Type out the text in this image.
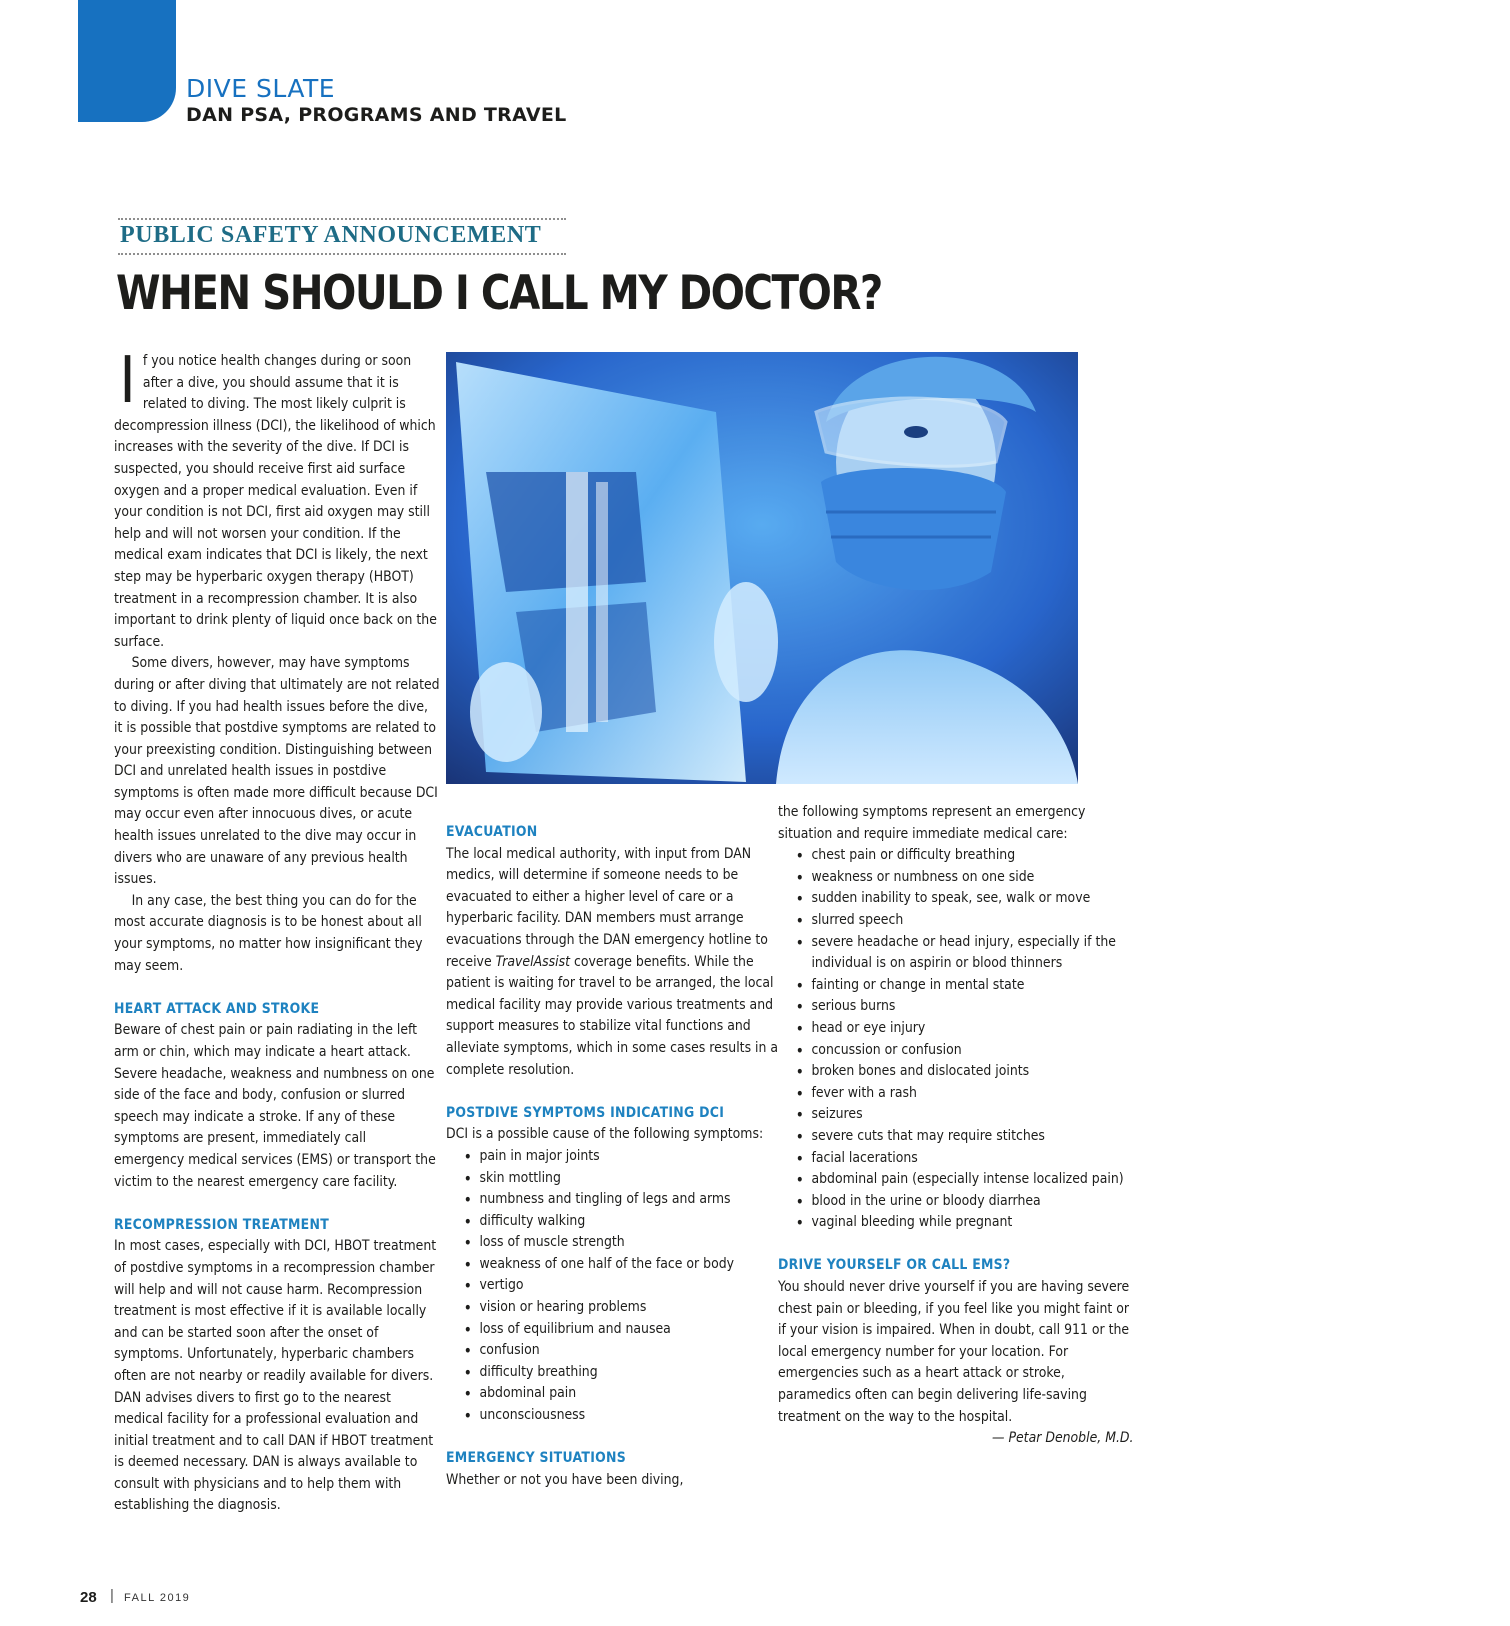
DIVE SLATE
DAN PSA, PROGRAMS AND TRAVEL
PUBLIC SAFETY ANNOUNCEMENT
WHEN SHOULD I CALL MY DOCTOR?
LENETSTAN/SHUTTERSTOCK

If you notice health changes during or soon after a dive, you should assume that it is related to diving. The most likely culprit is decompression illness (DCI), the likelihood of which increases with the severity of the dive. If DCI is suspected, you should receive first aid surface oxygen and a proper medical evaluation. Even if your condition is not DCI, first aid oxygen may still help and will not worsen your condition. If the medical exam indicates that DCI is likely, the next step may be hyperbaric oxygen therapy (HBOT) treatment in a recompression chamber. It is also important to drink plenty of liquid once back on the surface.

Some divers, however, may have symptoms during or after diving that ultimately are not related to diving. If you had health issues before the dive, it is possible that postdive symptoms are related to your preexisting condition. Distinguishing between DCI and unrelated health issues in postdive symptoms is often made more difficult because DCI may occur even after innocuous dives, or acute health issues unrelated to the dive may occur in divers who are unaware of any previous health issues.

In any case, the best thing you can do for the most accurate diagnosis is to be honest about all your symptoms, no matter how insignificant they may seem.

HEART ATTACK AND STROKE

Beware of chest pain or pain radiating in the left arm or chin, which may indicate a heart attack. Severe headache, weakness and numbness on one side of the face and body, confusion or slurred speech may indicate a stroke. If any of these symptoms are present, immediately call emergency medical services (EMS) or transport the victim to the nearest emergency care facility.

RECOMPRESSION TREATMENT

In most cases, especially with DCI, HBOT treatment of postdive symptoms in a recompression chamber will help and will not cause harm. Recompression treatment is most effective if it is available locally and can be started soon after the onset of symptoms. Unfortunately, hyperbaric chambers often are not nearby or readily available for divers. DAN advises divers to first go to the nearest medical facility for a professional evaluation and initial treatment and to call DAN if HBOT treatment is deemed necessary. DAN is always available to consult with physicians and to help them with establishing the diagnosis.

EVACUATION

The local medical authority, with input from DAN medics, will determine if someone needs to be evacuated to either a higher level of care or a hyperbaric facility. DAN members must arrange evacuations through the DAN emergency hotline to receive TravelAssist coverage benefits. While the patient is waiting for travel to be arranged, the local medical facility may provide various treatments and support measures to stabilize vital functions and alleviate symptoms, which in some cases results in a complete resolution.

POSTDIVE SYMPTOMS INDICATING DCI

DCI is a possible cause of the following symptoms:

• pain in major joints
• skin mottling
• numbness and tingling of legs and arms
• difficulty walking
• loss of muscle strength
• weakness of one half of the face or body
• vertigo
• vision or hearing problems
• loss of equilibrium and nausea
• confusion
• difficulty breathing
• abdominal pain
• unconsciousness
EMERGENCY SITUATIONS

Whether or not you have been diving,

the following symptoms represent an emergency situation and require immediate medical care:

• chest pain or difficulty breathing
• weakness or numbness on one side
• sudden inability to speak, see, walk or move
• slurred speech
• severe headache or head injury, especially if the individual is on aspirin or blood thinners
• fainting or change in mental state
• serious burns
• head or eye injury
• concussion or confusion
• broken bones and dislocated joints
• fever with a rash
• seizures
• severe cuts that may require stitches
• facial lacerations
• abdominal pain (especially intense localized pain)
• blood in the urine or bloody diarrhea
• vaginal bleeding while pregnant
DRIVE YOURSELF OR CALL EMS?

You should never drive yourself if you are having severe chest pain or bleeding, if you feel like you might faint or if your vision is impaired. When in doubt, call 911 or the local emergency number for your location. For emergencies such as a heart attack or stroke, paramedics often can begin delivering life-saving treatment on the way to the hospital.

— Petar Denoble, M.D.

28 | FALL 2019
